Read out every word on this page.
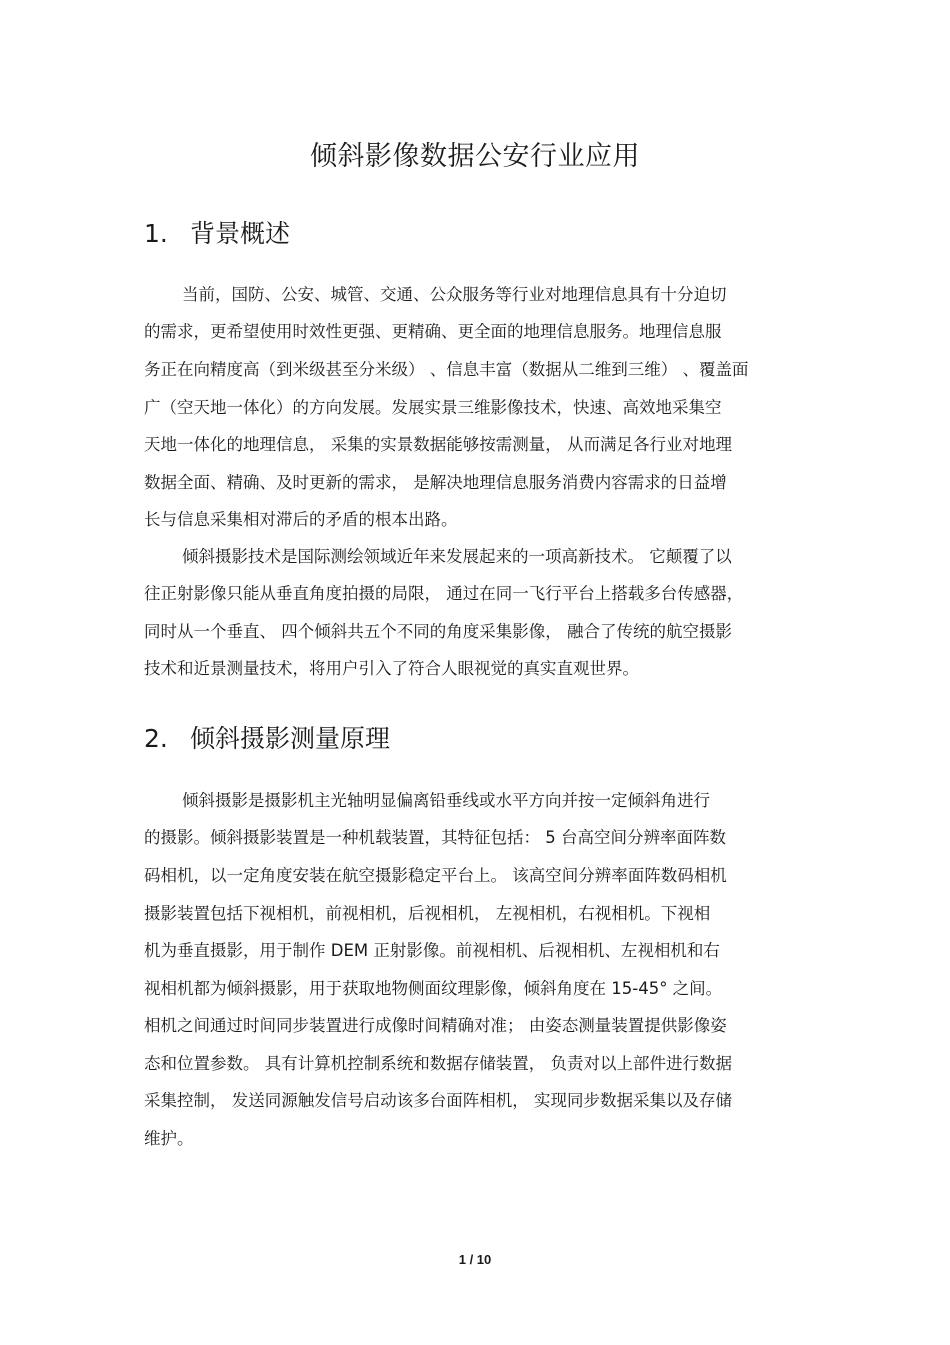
倾斜影像数据公安行业应用
1. 背景概述
当前，国防、公安、城管、交通、公众服务等行业对地理信息具有十分迫切
的需求，更希望使用时效性更强、更精确、更全面的地理信息服务。地理信息服
务正在向精度高（到米级甚至分米级） 、信息丰富（数据从二维到三维） 、覆盖面
广（空天地一体化）的方向发展。发展实景三维影像技术，快速、高效地采集空
天地一体化的地理信息， 采集的实景数据能够按需测量， 从而满足各行业对地理
数据全面、精确、及时更新的需求， 是解决地理信息服务消费内容需求的日益增
长与信息采集相对滞后的矛盾的根本出路。
倾斜摄影技术是国际测绘领域近年来发展起来的一项高新技术。 它颠覆了以
往正射影像只能从垂直角度拍摄的局限， 通过在同一飞行平台上搭载多台传感器，
同时从一个垂直、 四个倾斜共五个不同的角度采集影像， 融合了传统的航空摄影
技术和近景测量技术，将用户引入了符合人眼视觉的真实直观世界。
2. 倾斜摄影测量原理
倾斜摄影是摄影机主光轴明显偏离铅垂线或水平方向并按一定倾斜角进行
的摄影。倾斜摄影装置是一种机载装置，其特征包括： 5 台高空间分辨率面阵数
码相机，以一定角度安装在航空摄影稳定平台上。 该高空间分辨率面阵数码相机
摄影装置包括下视相机，前视相机，后视相机， 左视相机，右视相机。下视相
机为垂直摄影，用于制作 DEM 正射影像。前视相机、后视相机、左视相机和右
视相机都为倾斜摄影，用于获取地物侧面纹理影像，倾斜角度在 15-45° 之间。
相机之间通过时间同步装置进行成像时间精确对准； 由姿态测量装置提供影像姿
态和位置参数。 具有计算机控制系统和数据存储装置， 负责对以上部件进行数据
采集控制， 发送同源触发信号启动该多台面阵相机， 实现同步数据采集以及存储
维护。
1 / 10
